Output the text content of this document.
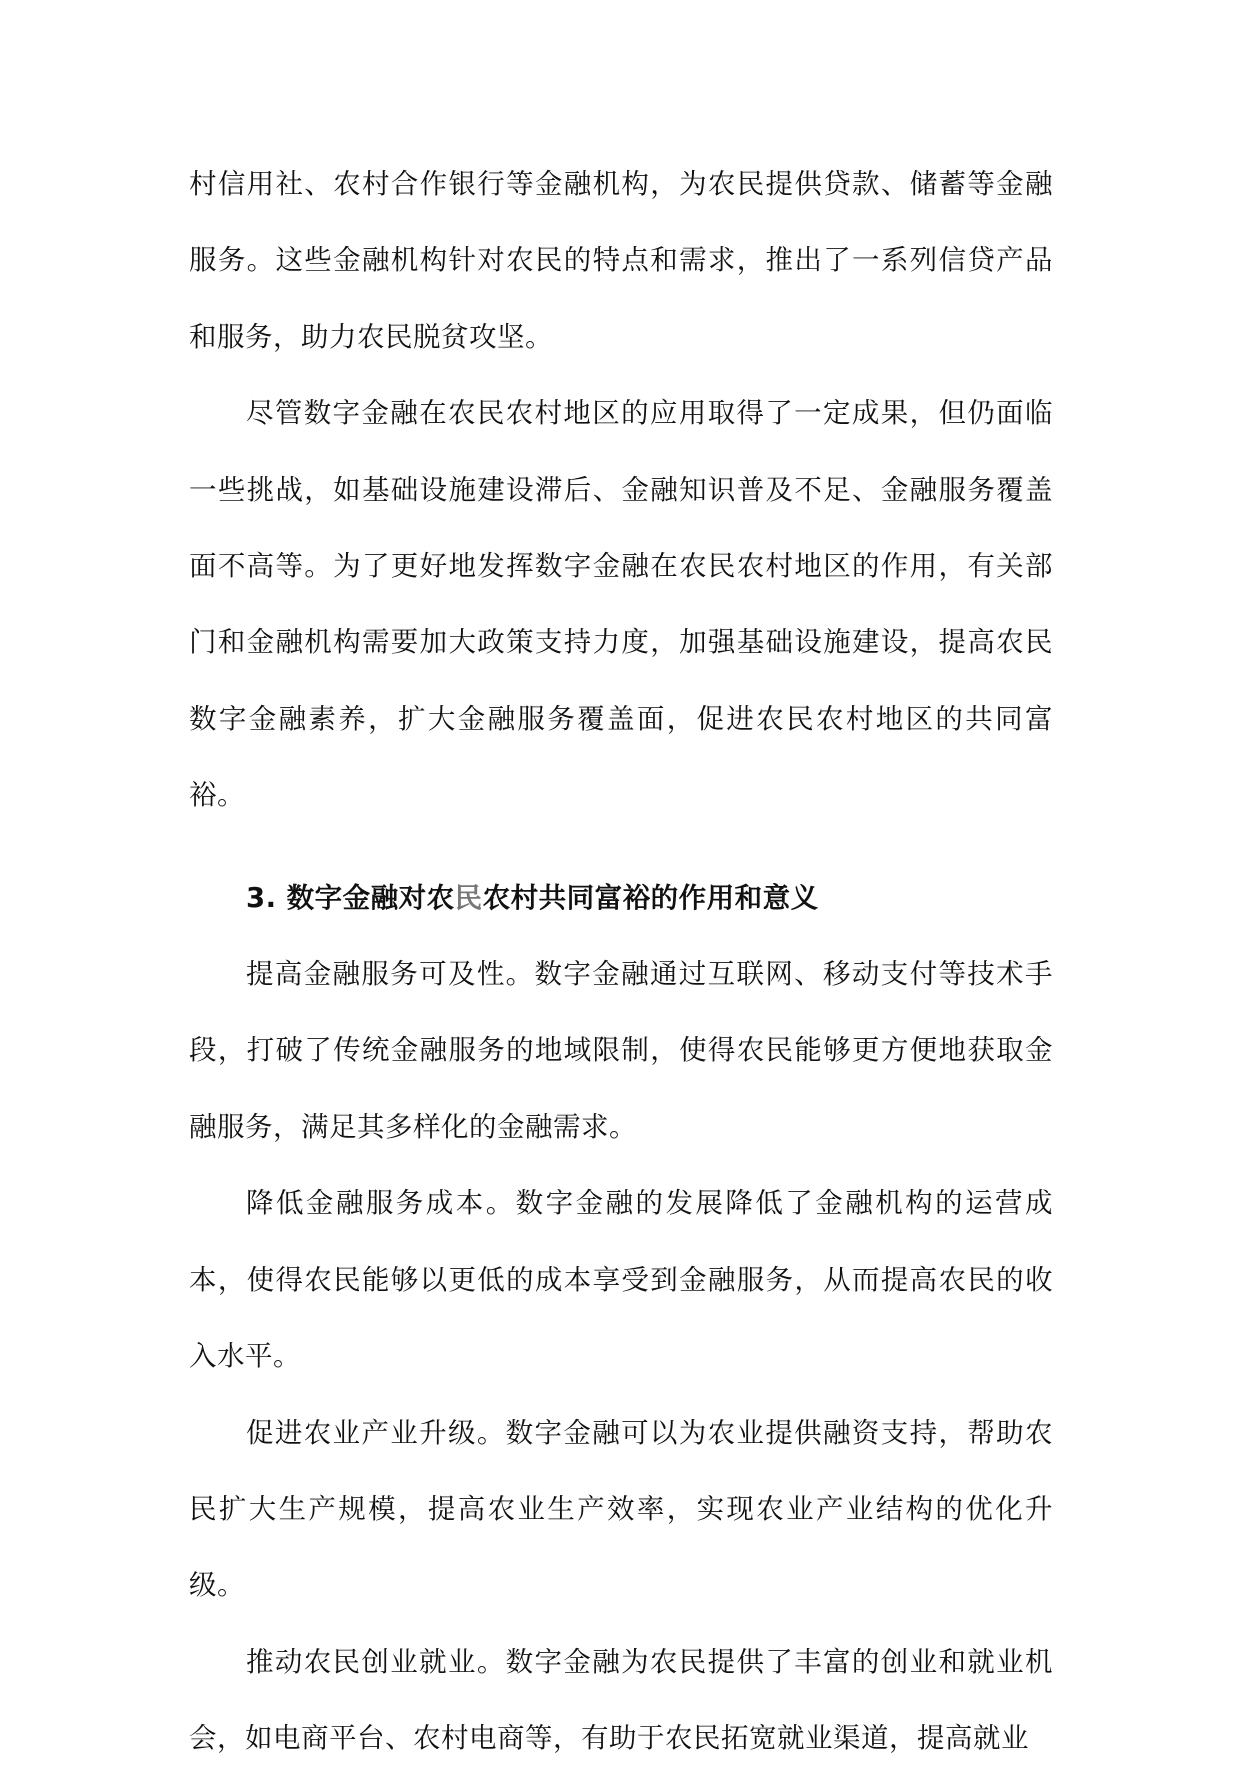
村信用社、农村合作银行等金融机构，为农民提供贷款、储蓄等金融服务。这些金融机构针对农民的特点和需求，推出了一系列信贷产品和服务，助力农民脱贫攻坚。

尽管数字金融在农民农村地区的应用取得了一定成果，但仍面临一些挑战，如基础设施建设滞后、金融知识普及不足、金融服务覆盖面不高等。为了更好地发挥数字金融在农民农村地区的作用，有关部门和金融机构需要加大政策支持力度，加强基础设施建设，提高农民数字金融素养，扩大金融服务覆盖面，促进农民农村地区的共同富裕。

3. 数字金融对农民农村共同富裕的作用和意义

提高金融服务可及性。数字金融通过互联网、移动支付等技术手段，打破了传统金融服务的地域限制，使得农民能够更方便地获取金融服务，满足其多样化的金融需求。

降低金融服务成本。数字金融的发展降低了金融机构的运营成本，使得农民能够以更低的成本享受到金融服务，从而提高农民的收入水平。

促进农业产业升级。数字金融可以为农业提供融资支持，帮助农民扩大生产规模，提高农业生产效率，实现农业产业结构的优化升级。

推动农民创业就业。数字金融为农民提供了丰富的创业和就业机会，如电商平台、农村电商等，有助于农民拓宽就业渠道，提高就业
